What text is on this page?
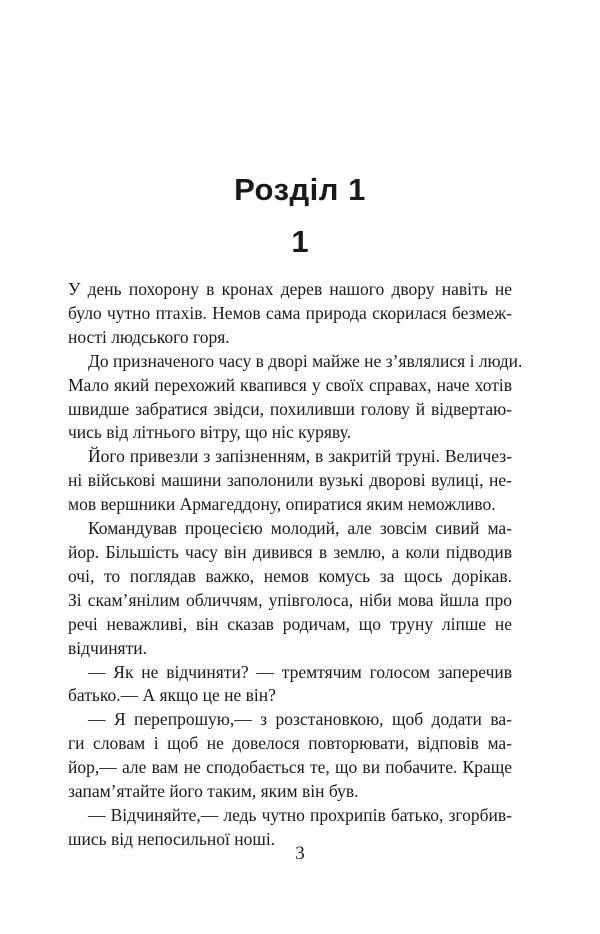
Розділ 1
1
У день похорону в кронах дерев нашого двору навіть не
було чутно птахів. Немов сама природа скорилася безмеж-
ності людського горя.
До призначеного часу в дворі майже не з’являлися і люди.
Мало який перехожий квапився у своїх справах, наче хотів
швидше забратися звідси, похиливши голову й відвертаю-
чись від літнього вітру, що ніс куряву.
Його привезли з запізненням, в закритій труні. Величез-
ні військові машини заполонили вузькі дворові вулиці, не-
мов вершники Армагеддону, опиратися яким неможливо.
Командував процесією молодий, але зовсім сивий ма-
йор. Більшість часу він дивився в землю, а коли підводив
очі, то поглядав важко, немов комусь за щось дорікав.
Зі скам’янілим обличчям, упівголоса, ніби мова йшла про
речі неважливі, він сказав родичам, що труну ліпше не
відчиняти.
— Як не відчиняти? — тремтячим голосом заперечив
батько.— А якщо це не він?
— Я перепрошую,— з розстановкою, щоб додати ва-
ги словам і щоб не довелося повторювати, відповів ма-
йор,— але вам не сподобається те, що ви побачите. Краще
запам’ятайте його таким, яким він був.
— Відчиняйте,— ледь чутно прохрипів батько, згорбив-
шись від непосильної ноші.
3
